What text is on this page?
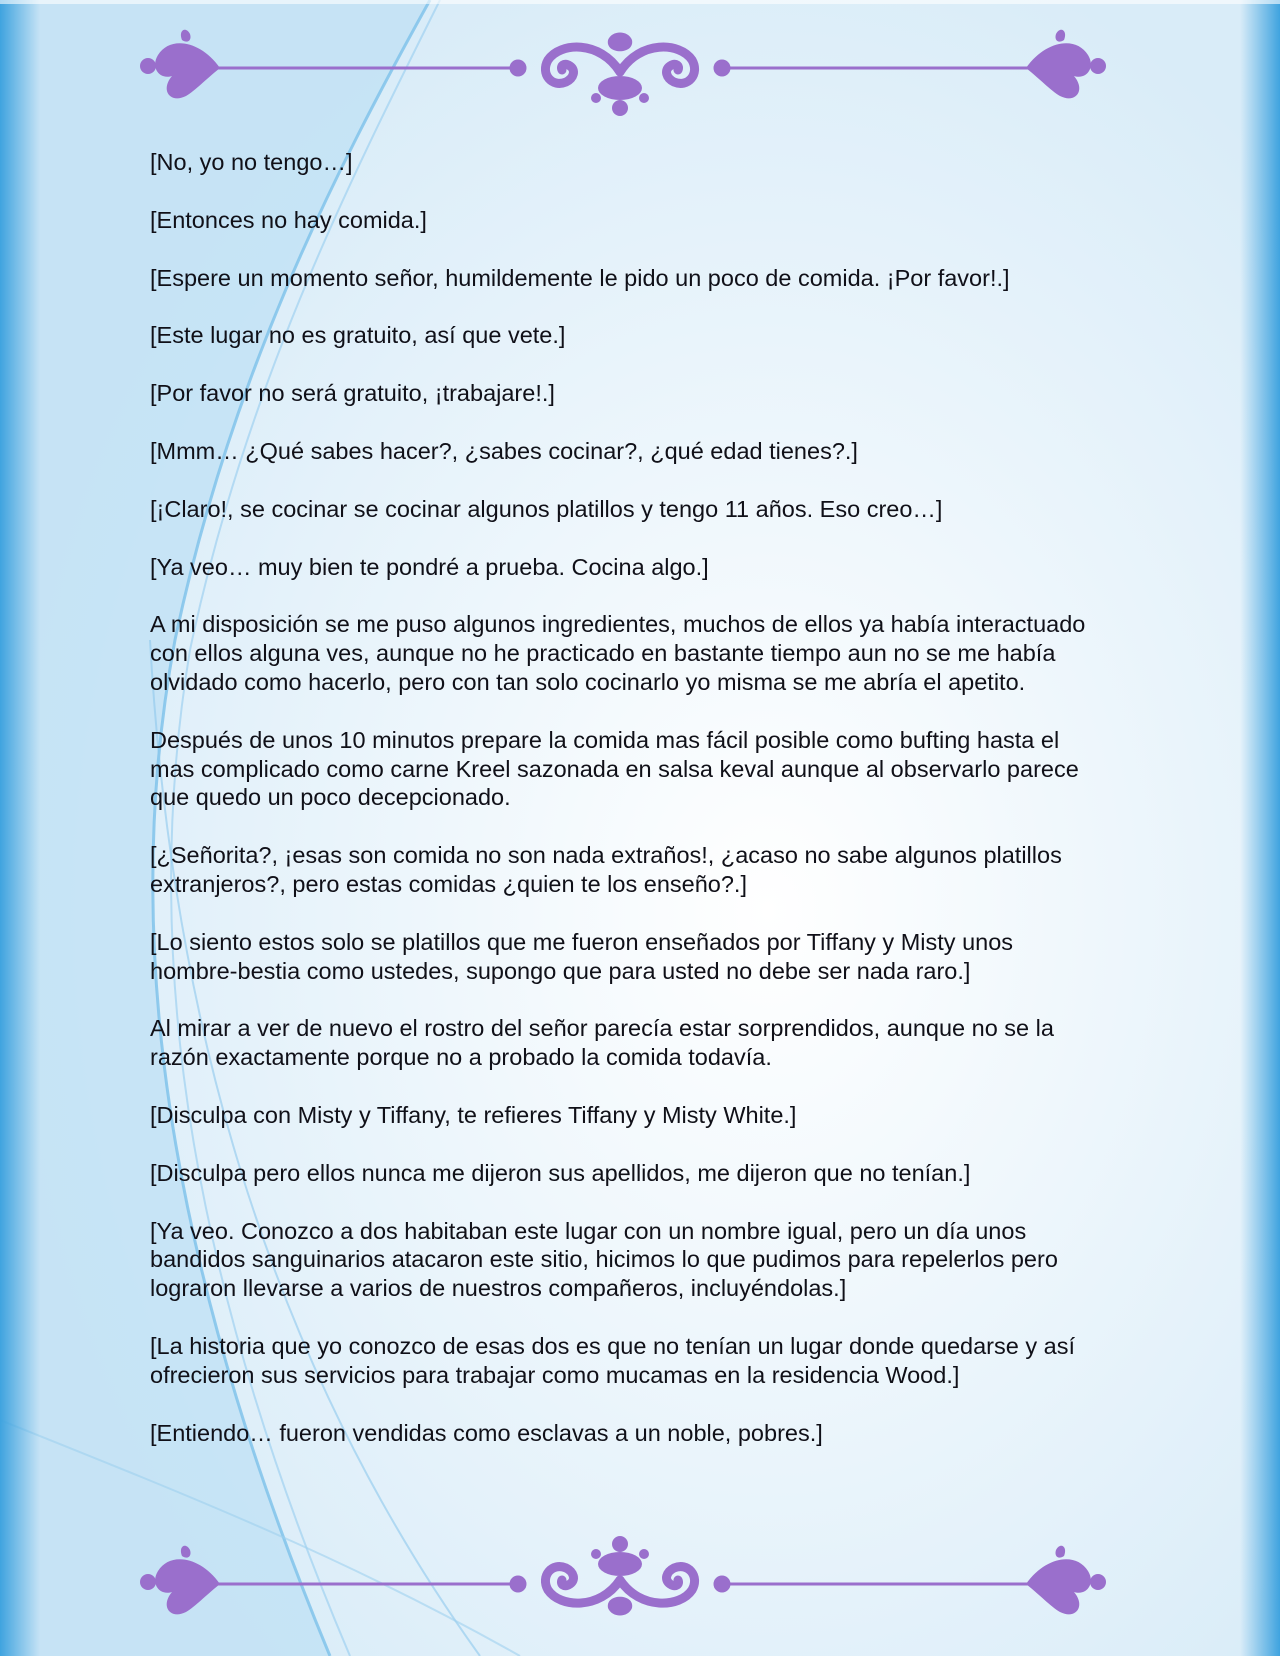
[No, yo no tengo…]

[Entonces no hay comida.]

[Espere un momento señor, humildemente le pido un poco de comida. ¡Por favor!.]

[Este lugar no es gratuito, así que vete.]

[Por favor no será gratuito, ¡trabajare!.]

[Mmm… ¿Qué sabes hacer?, ¿sabes cocinar?, ¿qué edad tienes?.]

[¡Claro!, se cocinar se cocinar algunos platillos y tengo 11 años. Eso creo…]

[Ya veo… muy bien te pondré a prueba. Cocina algo.]

A mi disposición se me puso algunos ingredientes, muchos de ellos ya había interactuado con ellos alguna ves, aunque no he practicado en bastante tiempo aun no se me había olvidado como hacerlo, pero con tan solo cocinarlo yo misma se me abría el apetito.

Después de unos 10 minutos prepare la comida mas fácil posible como bufting hasta el mas complicado como carne Kreel sazonada en salsa keval aunque al observarlo parece que quedo un poco decepcionado.

[¿Señorita?, ¡esas son comida no son nada extraños!, ¿acaso no sabe algunos platillos extranjeros?, pero estas comidas ¿quien te los enseño?.]

[Lo siento estos solo se platillos que me fueron enseñados por Tiffany y Misty unos hombre-bestia como ustedes, supongo que para usted no debe ser nada raro.]

Al mirar a ver de nuevo el rostro del señor parecía estar sorprendidos, aunque no se la razón exactamente porque no a probado la comida todavía.

[Disculpa con Misty y Tiffany, te refieres Tiffany y Misty White.]

[Disculpa pero ellos nunca me dijeron sus apellidos, me dijeron que no tenían.]

[Ya veo. Conozco a dos habitaban este lugar con un nombre igual, pero un día unos bandidos sanguinarios atacaron este sitio, hicimos lo que pudimos para repelerlos pero lograron llevarse a varios de nuestros compañeros, incluyéndolas.]

[La historia que yo conozco de esas dos es que no tenían un lugar donde quedarse y así ofrecieron sus servicios para trabajar como mucamas en la residencia Wood.]

[Entiendo… fueron vendidas como esclavas a un noble, pobres.]
